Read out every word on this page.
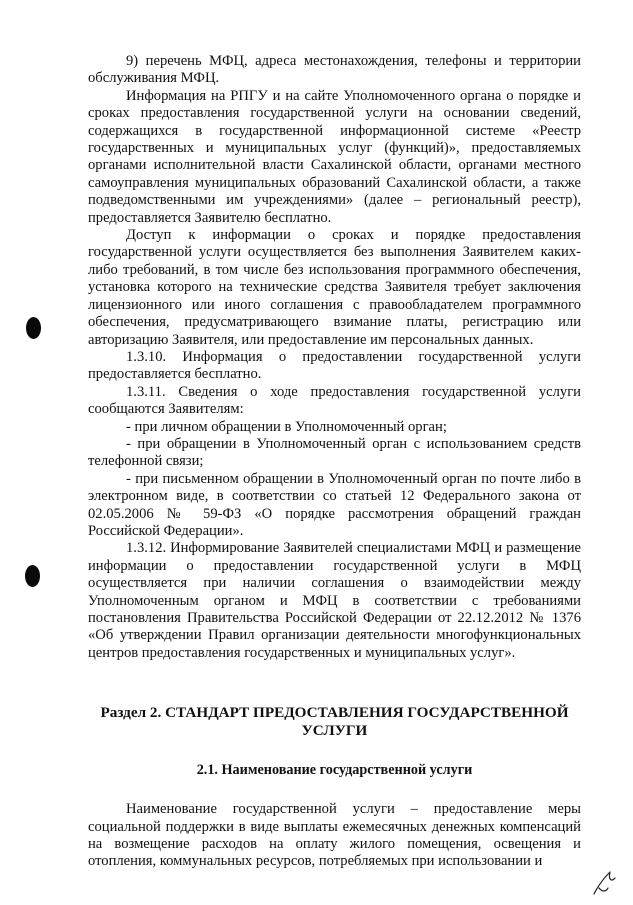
9) перечень МФЦ, адреса местонахождения, телефоны и территории обслуживания МФЦ.

Информация на РПГУ и на сайте Уполномоченного органа о порядке и сроках предоставления государственной услуги на основании сведений, содержащихся в государственной информационной системе «Реестр государственных и муниципальных услуг (функций)», предоставляемых органами исполнительной власти Сахалинской области, органами местного самоуправления муниципальных образований Сахалинской области, а также подведомственными им учреждениями» (далее – региональный реестр), предоставляется Заявителю бесплатно.

Доступ к информации о сроках и порядке предоставления государственной услуги осуществляется без выполнения Заявителем каких-либо требований, в том числе без использования программного обеспечения, установка которого на технические средства Заявителя требует заключения лицензионного или иного соглашения с правообладателем программного обеспечения, предусматривающего взимание платы, регистрацию или авторизацию Заявителя, или предоставление им персональных данных.

1.3.10. Информация о предоставлении государственной услуги предоставляется бесплатно.

1.3.11. Сведения о ходе предоставления государственной услуги сообщаются Заявителям:

- при личном обращении в Уполномоченный орган;

- при обращении в Уполномоченный орган с использованием средств телефонной связи;

- при письменном обращении в Уполномоченный орган по почте либо в электронном виде, в соответствии со статьей 12 Федерального закона от 02.05.2006 № 59-ФЗ «О порядке рассмотрения обращений граждан Российской Федерации».

1.3.12. Информирование Заявителей специалистами МФЦ и размещение информации о предоставлении государственной услуги в МФЦ осуществляется при наличии соглашения о взаимодействии между Уполномоченным органом и МФЦ в соответствии с требованиями постановления Правительства Российской Федерации от 22.12.2012 № 1376 «Об утверждении Правил организации деятельности многофункциональных центров предоставления государственных и муниципальных услуг».

Раздел 2. СТАНДАРТ ПРЕДОСТАВЛЕНИЯ ГОСУДАРСТВЕННОЙ УСЛУГИ

2.1. Наименование государственной услуги

Наименование государственной услуги – предоставление меры социальной поддержки в виде выплаты ежемесячных денежных компенсаций на возмещение расходов на оплату жилого помещения, освещения и отопления, коммунальных ресурсов, потребляемых при использовании и
